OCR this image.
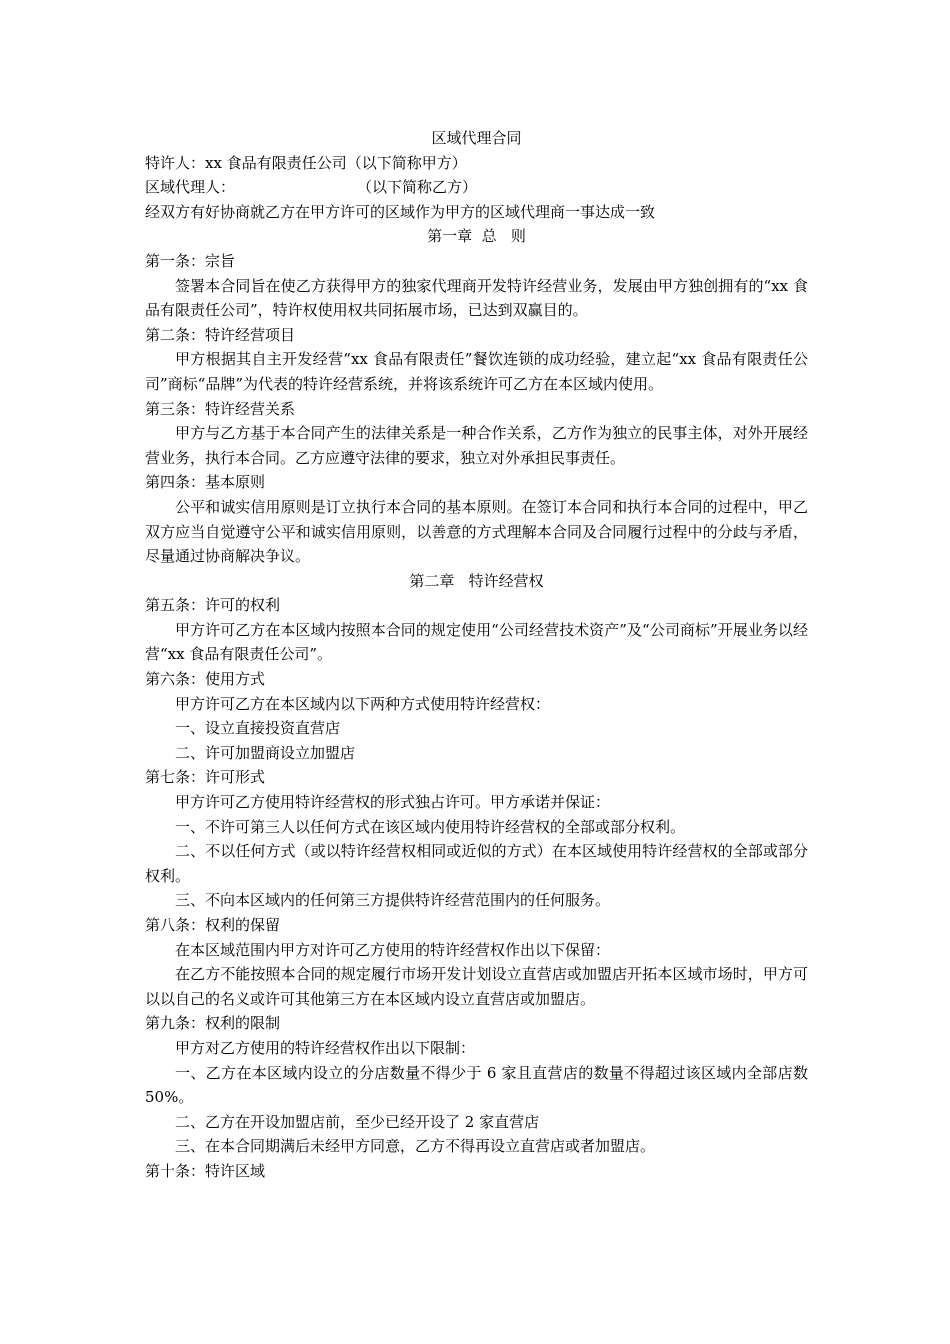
区域代理合同

特许人：xx 食品有限责任公司（以下简称甲方）

区域代理人：	（以下简称乙方）

经双方有好协商就乙方在甲方许可的区域作为甲方的区域代理商一事达成一致

第一章  总   则

第一条：宗旨

签署本合同旨在使乙方获得甲方的独家代理商开发特许经营业务，发展由甲方独创拥有的“xx 食品有限责任公司”，特许权使用权共同拓展市场，已达到双赢目的。

第二条：特许经营项目

甲方根据其自主开发经营“xx 食品有限责任”餐饮连锁的成功经验，建立起“xx 食品有限责任公司”商标“品牌”为代表的特许经营系统，并将该系统许可乙方在本区域内使用。

第三条：特许经营关系

甲方与乙方基于本合同产生的法律关系是一种合作关系，乙方作为独立的民事主体，对外开展经营业务，执行本合同。乙方应遵守法律的要求，独立对外承担民事责任。

第四条：基本原则

公平和诚实信用原则是订立执行本合同的基本原则。在签订本合同和执行本合同的过程中，甲乙双方应当自觉遵守公平和诚实信用原则，以善意的方式理解本合同及合同履行过程中的分歧与矛盾，尽量通过协商解决争议。

第二章   特许经营权

第五条：许可的权利

甲方许可乙方在本区域内按照本合同的规定使用“公司经营技术资产”及“公司商标”开展业务以经营“xx 食品有限责任公司”。

第六条：使用方式

甲方许可乙方在本区域内以下两种方式使用特许经营权：

一、设立直接投资直营店

二、许可加盟商设立加盟店

第七条：许可形式

甲方许可乙方使用特许经营权的形式独占许可。甲方承诺并保证：

一、不许可第三人以任何方式在该区域内使用特许经营权的全部或部分权利。

二、不以任何方式（或以特许经营权相同或近似的方式）在本区域使用特许经营权的全部或部分权利。

三、不向本区域内的任何第三方提供特许经营范围内的任何服务。

第八条：权利的保留

在本区域范围内甲方对许可乙方使用的特许经营权作出以下保留：

在乙方不能按照本合同的规定履行市场开发计划设立直营店或加盟店开拓本区域市场时，甲方可以以自己的名义或许可其他第三方在本区域内设立直营店或加盟店。

第九条：权利的限制

甲方对乙方使用的特许经营权作出以下限制：

一、乙方在本区域内设立的分店数量不得少于 6 家且直营店的数量不得超过该区域内全部店数 50%。

二、乙方在开设加盟店前，至少已经开设了 2 家直营店

三、在本合同期满后未经甲方同意，乙方不得再设立直营店或者加盟店。

第十条：特许区域
